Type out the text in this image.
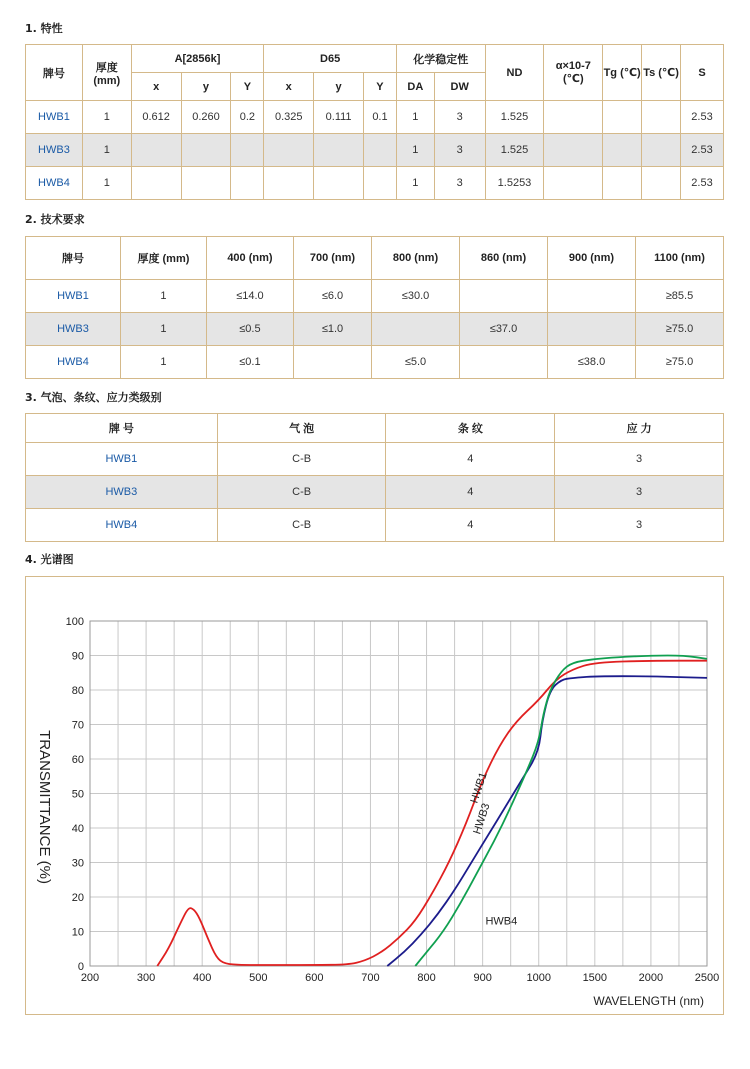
1. 特性
牌号	厚度 (mm)	A[2856k]			D65			化学稳定性		ND	α×10-7 (℃)	Tg (℃)	Ts (℃)	S
		x	y	Y	x	y	Y	DA	DW					
HWB1	1	0.612	0.260	0.2	0.325	0.111	0.1	1	3	1.525				2.53
HWB3	1							1	3	1.525				2.53
HWB4	1							1	3	1.5253				2.53
2. 技术要求
牌号	厚度 (mm)	400 (nm)	700 (nm)	800 (nm)	860 (nm)	900 (nm)	1100 (nm)
HWB1	1	≤14.0	≤6.0	≤30.0			≥85.5
HWB3	1	≤0.5	≤1.0		≤37.0		≥75.0
HWB4	1	≤0.1		≤5.0		≤38.0	≥75.0
3. 气泡、条纹、应力类级别
牌 号	气 泡	条 纹	应 力
HWB1	C-B	4	3
HWB3	C-B	4	3
HWB4	C-B	4	3
4. 光谱图
0
10
20
30
40
50
60
70
80
90
100
200	300	400	500	600	700	800	900	1000	1500	2000	2500
HWB1
HWB3
HWB4
TRANSMITTANCE (%)
WAVELENGTH (nm)
